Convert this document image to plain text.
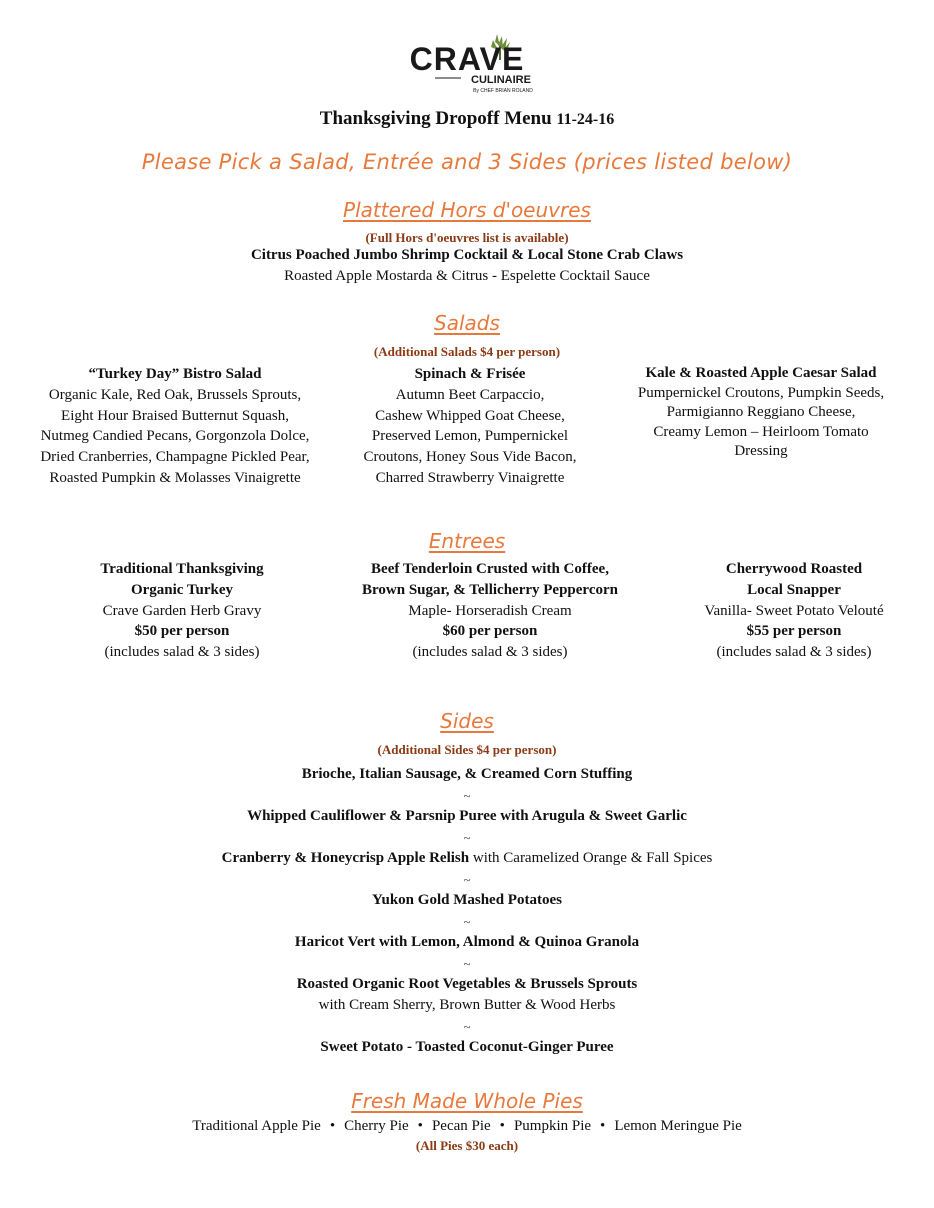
CRAVE
CULINAIRE
By CHEF BRIAN ROLAND
Thanksgiving Dropoff Menu 11-24-16
Please Pick a Salad, Entrée and 3 Sides (prices listed below)
Plattered Hors d'oeuvres
(Full Hors d'oeuvres list is available)
Citrus Poached Jumbo Shrimp Cocktail & Local Stone Crab Claws
Roasted Apple Mostarda & Citrus - Espelette Cocktail Sauce
Salads
(Additional Salads $4 per person)
“Turkey Day” Bistro Salad
Organic Kale, Red Oak, Brussels Sprouts,
Eight Hour Braised Butternut Squash,
Nutmeg Candied Pecans, Gorgonzola Dolce,
Dried Cranberries, Champagne Pickled Pear,
Roasted Pumpkin & Molasses Vinaigrette
Spinach & Frisée
Autumn Beet Carpaccio,
Cashew Whipped Goat Cheese,
Preserved Lemon, Pumpernickel
Croutons, Honey Sous Vide Bacon,
Charred Strawberry Vinaigrette
Kale & Roasted Apple Caesar Salad
Pumpernickel Croutons, Pumpkin Seeds,
Parmigianno Reggiano Cheese,
Creamy Lemon – Heirloom Tomato
Dressing
Entrees
Traditional Thanksgiving
Organic Turkey
Crave Garden Herb Gravy
$50 per person
(includes salad & 3 sides)
Beef Tenderloin Crusted with Coffee,
Brown Sugar, & Tellicherry Peppercorn
Maple- Horseradish Cream
$60 per person
(includes salad & 3 sides)
Cherrywood Roasted
Local Snapper
Vanilla- Sweet Potato Velouté
$55 per person
(includes salad & 3 sides)
Sides
(Additional Sides $4 per person)
Brioche, Italian Sausage, & Creamed Corn Stuffing
~
Whipped Cauliflower & Parsnip Puree with Arugula & Sweet Garlic
~
Cranberry & Honeycrisp Apple Relish with Caramelized Orange & Fall Spices
~
Yukon Gold Mashed Potatoes
~
Haricot Vert with Lemon, Almond & Quinoa Granola
~
Roasted Organic Root Vegetables & Brussels Sprouts
with Cream Sherry, Brown Butter & Wood Herbs
~
Sweet Potato - Toasted Coconut-Ginger Puree
Fresh Made Whole Pies
Traditional Apple Pie • Cherry Pie • Pecan Pie • Pumpkin Pie • Lemon Meringue Pie
(All Pies $30 each)
